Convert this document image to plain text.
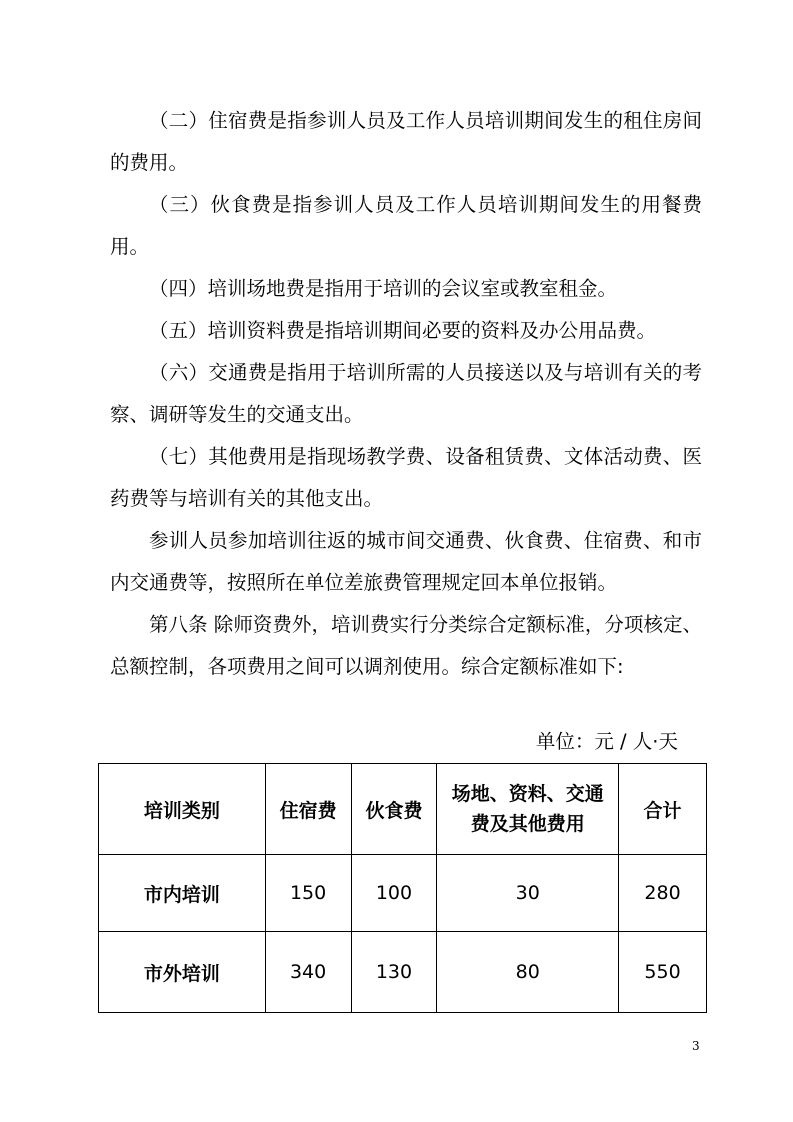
（二）住宿费是指参训人员及工作人员培训期间发生的租住房间的费用。

（三）伙食费是指参训人员及工作人员培训期间发生的用餐费用。

（四）培训场地费是指用于培训的会议室或教室租金。

（五）培训资料费是指培训期间必要的资料及办公用品费。

（六）交通费是指用于培训所需的人员接送以及与培训有关的考察、调研等发生的交通支出。

（七）其他费用是指现场教学费、设备租赁费、文体活动费、医药费等与培训有关的其他支出。

参训人员参加培训往返的城市间交通费、伙食费、住宿费、和市内交通费等，按照所在单位差旅费管理规定回本单位报销。

第八条 除师资费外，培训费实行分类综合定额标准，分项核定、总额控制，各项费用之间可以调剂使用。综合定额标准如下:

单位：元 / 人·天
培训类别	住宿费	伙食费	场地、资料、交通费及其他费用	合计
市内培训	150	100	30	280
市外培训	340	130	80	550
3
